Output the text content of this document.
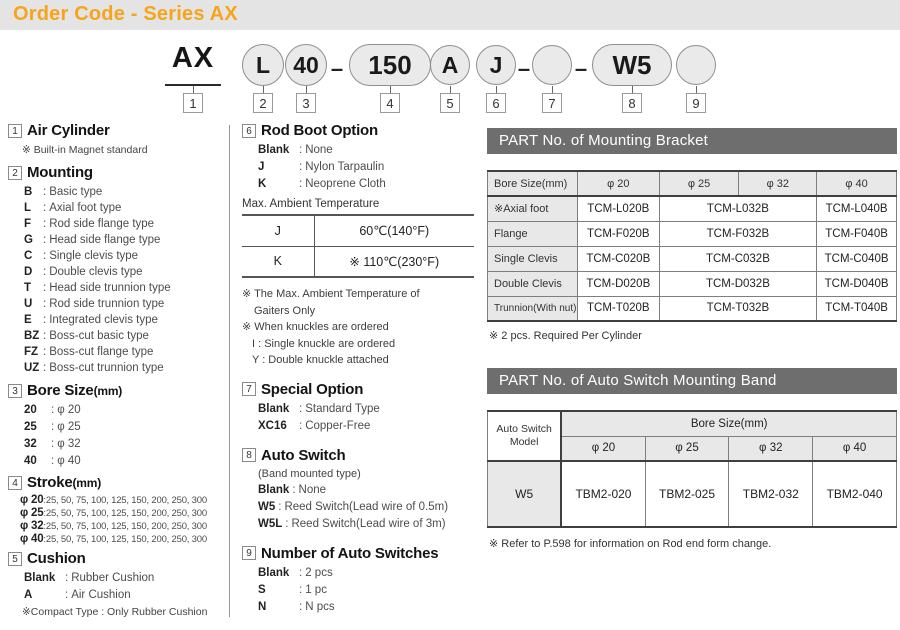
Order Code - Series AX
AX	L	40 – 150	A	J – – W5
1	2	3	4	5	6	7	8	9
1 Air Cylinder
※ Built-in Magnet standard
2 Mounting
B : Basic type
L : Axial foot type
F : Rod side flange type
G : Head side flange type
C : Single clevis type
D : Double clevis type
T : Head side trunnion type
U : Rod side trunnion type
E : Integrated clevis type
BZ : Boss-cut basic type
FZ : Boss-cut flange type
UZ : Boss-cut trunnion type
3 Bore Size(mm)
20 : φ 20
25 : φ 25
32 : φ 32
40 : φ 40
4 Stroke(mm)
φ 20:25, 50, 75, 100, 125, 150, 200, 250, 300
φ 25:25, 50, 75, 100, 125, 150, 200, 250, 300
φ 32:25, 50, 75, 100, 125, 150, 200, 250, 300
φ 40:25, 50, 75, 100, 125, 150, 200, 250, 300
5 Cushion
Blank : Rubber Cushion
A	: Air Cushion
※Compact Type : Only Rubber Cushion
6 Rod Boot Option
Blank : None
J	: Nylon Tarpaulin
K	: Neoprene Cloth
Max. Ambient Temperature
J	60℃(140°F)
K	※ 110℃(230°F)
※ The Max. Ambient Temperature of
Gaiters Only
※ When knuckles are ordered
I : Single knuckle are ordered
Y : Double knuckle attached
7 Special Option
Blank : Standard Type
XC16 : Copper-Free
8 Auto Switch
(Band mounted type)
Blank : None
W5 : Reed Switch(Lead wire of 0.5m)
W5L : Reed Switch(Lead wire of 3m)
9 Number of Auto Switches
Blank : 2 pcs
S	: 1 pc
N	: N pcs
PART No. of Mounting Bracket
Bore Size(mm)	φ 20	φ 25	φ 32	φ 40
※Axial foot	TCM-L020B	TCM-L032B		TCM-L040B
Flange	TCM-F020B	TCM-F032B		TCM-F040B
Single Clevis	TCM-C020B	TCM-C032B		TCM-C040B
Double Clevis	TCM-D020B	TCM-D032B		TCM-D040B
Trunnion(With nut)	TCM-T020B	TCM-T032B		TCM-T040B
※ 2 pcs. Required Per Cylinder
PART No. of Auto Switch Mounting Band
Auto Switch
Model	Bore Size(mm)			
	φ 20	φ 25	φ 32	φ 40
W5	TBM2-020	TBM2-025	TBM2-032	TBM2-040
※ Refer to P.598 for information on Rod end form change.
